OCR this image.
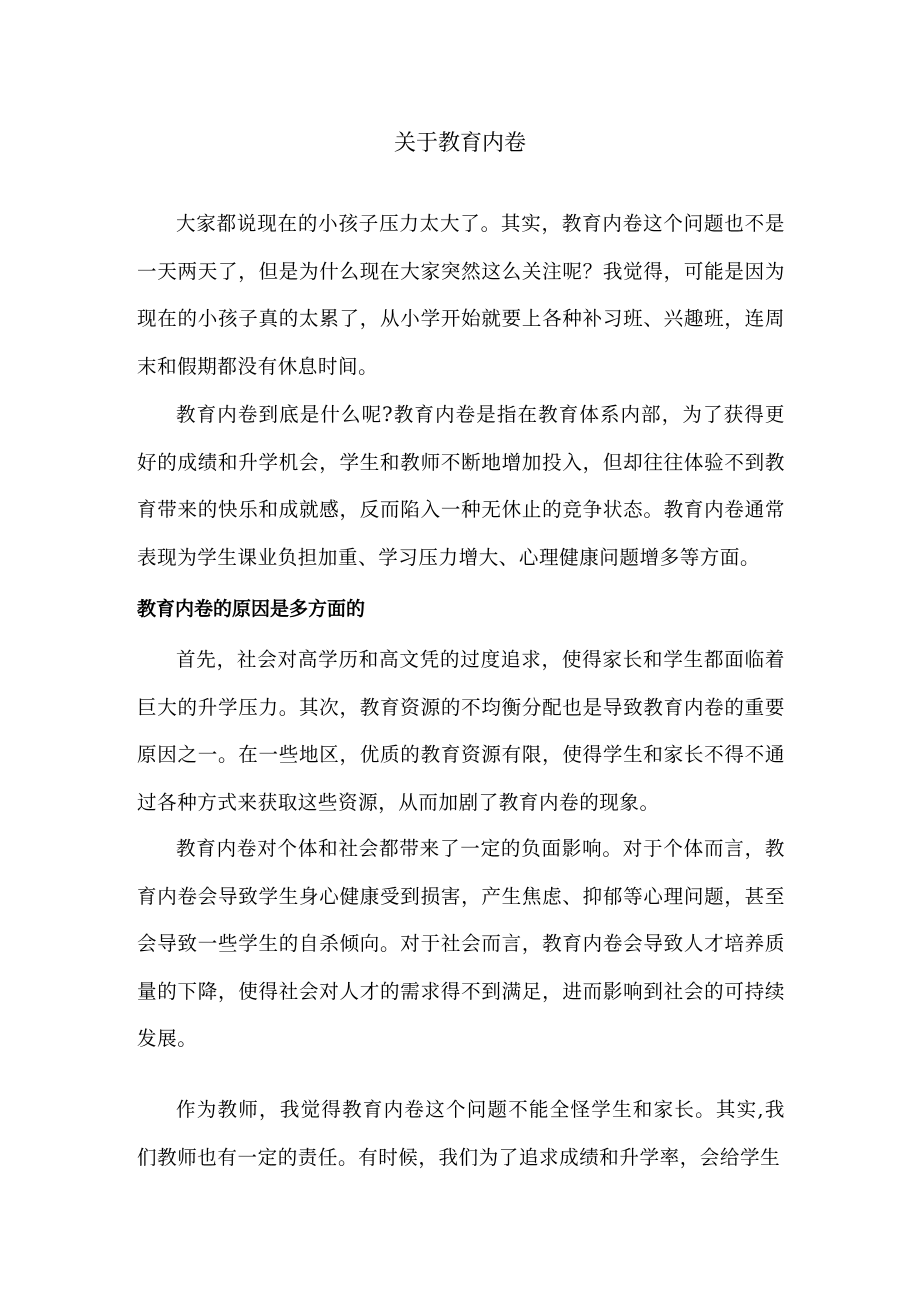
关于教育内卷

大家都说现在的小孩子压力太大了。其实，教育内卷这个问题也不是一天两天了，但是为什么现在大家突然这么关注呢？我觉得，可能是因为现在的小孩子真的太累了，从小学开始就要上各种补习班、兴趣班，连周末和假期都没有休息时间。

教育内卷到底是什么呢?教育内卷是指在教育体系内部，为了获得更好的成绩和升学机会，学生和教师不断地增加投入，但却往往体验不到教育带来的快乐和成就感，反而陷入一种无休止的竞争状态。教育内卷通常表现为学生课业负担加重、学习压力增大、心理健康问题增多等方面。

教育内卷的原因是多方面的

首先，社会对高学历和高文凭的过度追求，使得家长和学生都面临着巨大的升学压力。其次，教育资源的不均衡分配也是导致教育内卷的重要原因之一。在一些地区，优质的教育资源有限，使得学生和家长不得不通过各种方式来获取这些资源，从而加剧了教育内卷的现象。

教育内卷对个体和社会都带来了一定的负面影响。对于个体而言，教育内卷会导致学生身心健康受到损害，产生焦虑、抑郁等心理问题，甚至会导致一些学生的自杀倾向。对于社会而言，教育内卷会导致人才培养质量的下降，使得社会对人才的需求得不到满足，进而影响到社会的可持续发展。

作为教师，我觉得教育内卷这个问题不能全怪学生和家长。其实,我们教师也有一定的责任。有时候，我们为了追求成绩和升学率，会给学生
